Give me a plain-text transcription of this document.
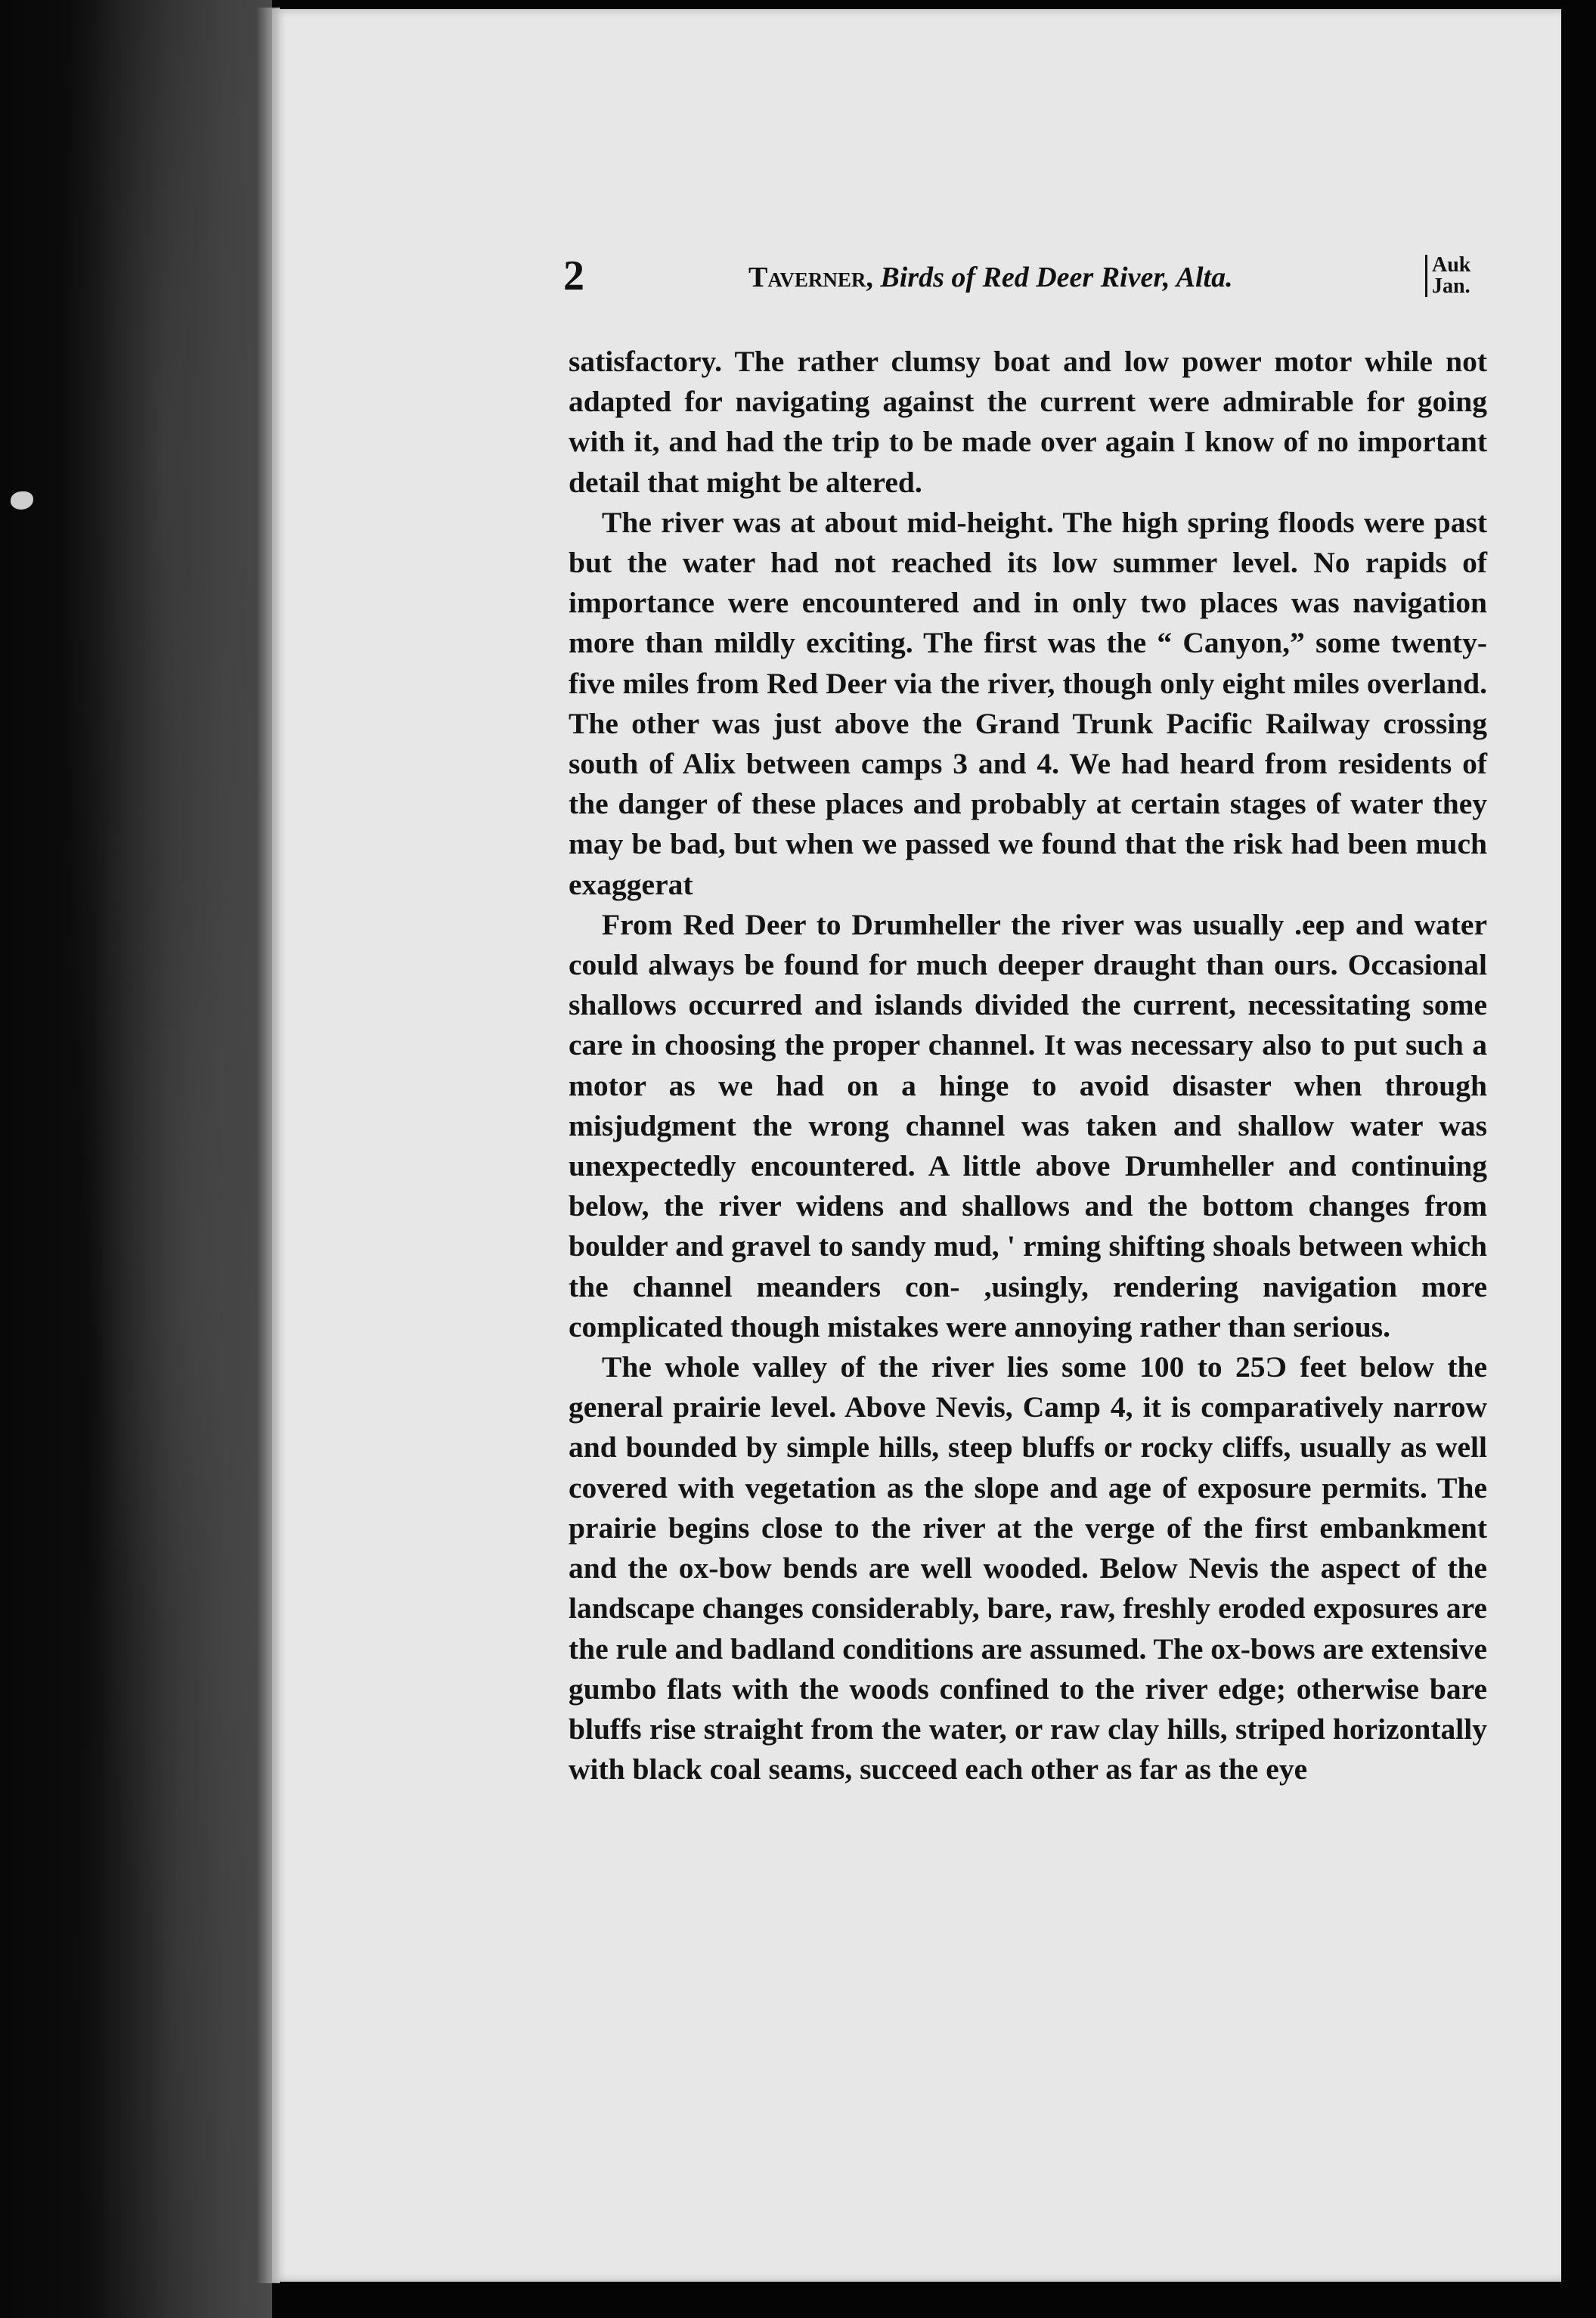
2	Taverner, Birds of Red Deer River, Alta.	Auk
Jan.

satisfactory. The rather clumsy boat and low power motor while not adapted for navigating against the current were admirable for going with it, and had the trip to be made over again I know of no important detail that might be altered.

The river was at about mid-height. The high spring floods were past but the water had not reached its low summer level. No rapids of importance were encountered and in only two places was navigation more than mildly exciting. The first was the “ Canyon,” some twenty-five miles from Red Deer via the river, though only eight miles overland. The other was just above the Grand Trunk Pacific Railway crossing south of Alix between camps 3 and 4. We had heard from residents of the danger of these places and probably at certain stages of water they may be bad, but when we passed we found that the risk had been much exaggerat

From Red Deer to Drumheller the river was usually .eep and water could always be found for much deeper draught than ours. Occasional shallows occurred and islands divided the current, necessitating some care in choosing the proper channel. It was necessary also to put such a motor as we had on a hinge to avoid disaster when through misjudgment the wrong channel was taken and shallow water was unexpectedly encountered. A little above Drumheller and continuing below, the river widens and shallows and the bottom changes from boulder and gravel to sandy mud, ' rming shifting shoals between which the channel meanders con- ,usingly, rendering navigation more complicated though mistakes were annoying rather than serious.

The whole valley of the river lies some 100 to 25Ɔ feet below the general prairie level. Above Nevis, Camp 4, it is comparatively narrow and bounded by simple hills, steep bluffs or rocky cliffs, usually as well covered with vegetation as the slope and age of exposure permits. The prairie begins close to the river at the verge of the first embankment and the ox-bow bends are well wooded. Below Nevis the aspect of the landscape changes considerably, bare, raw, freshly eroded exposures are the rule and badland conditions are assumed. The ox-bows are extensive gumbo flats with the woods confined to the river edge; otherwise bare bluffs rise straight from the water, or raw clay hills, striped horizontally with black coal seams, succeed each other as far as the eye
